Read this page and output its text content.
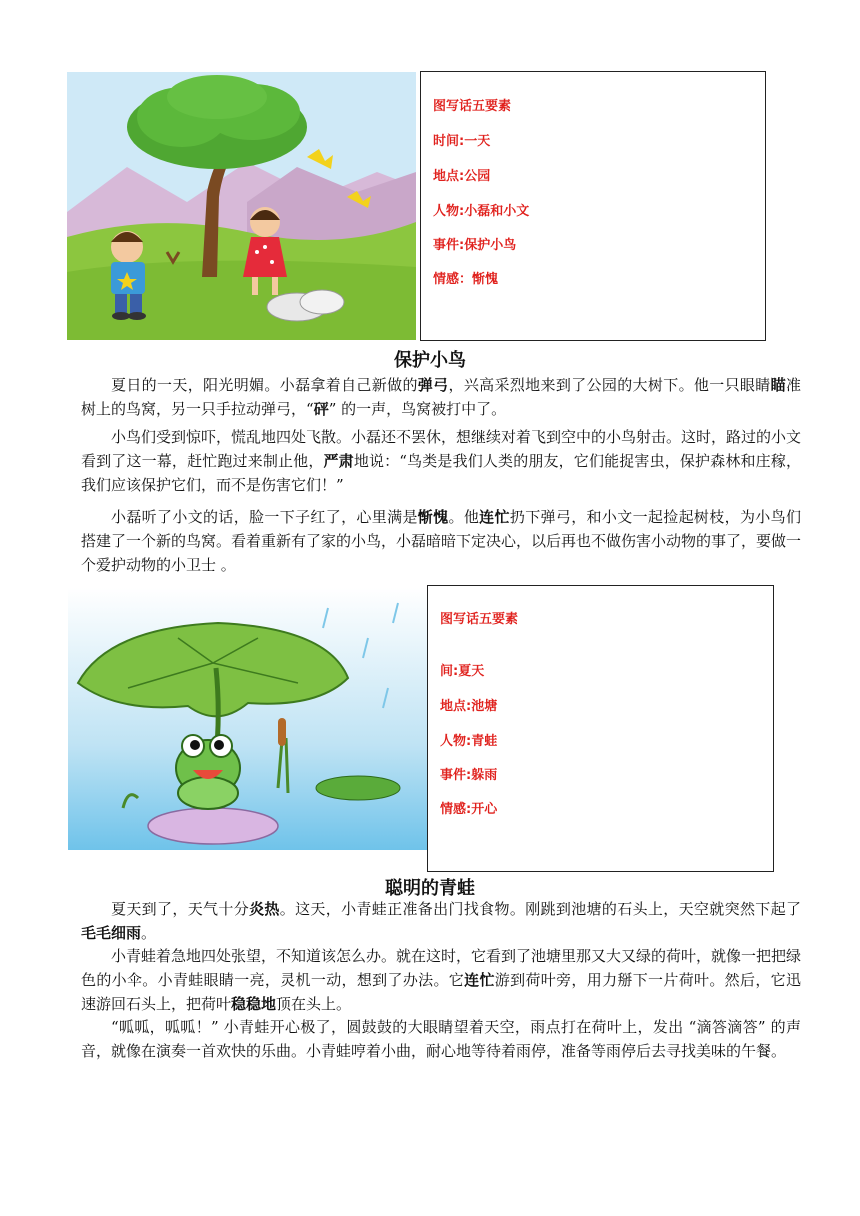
图写话五要素
时间:一天
地点:公园
人物:小磊和小文
事件:保护小鸟
情感：惭愧
保护小鸟

夏日的一天，阳光明媚。小磊拿着自己新做的弹弓，兴高采烈地来到了公园的大树下。他一只眼睛瞄准树上的鸟窝，另一只手拉动弹弓，“砰” 的一声，鸟窝被打中了。

小鸟们受到惊吓，慌乱地四处飞散。小磊还不罢休，想继续对着飞到空中的小鸟射击。这时，路过的小文看到了这一幕，赶忙跑过来制止他，严肃地说：“鸟类是我们人类的朋友，它们能捉害虫，保护森林和庄稼，我们应该保护它们，而不是伤害它们！”

小磊听了小文的话，脸一下子红了，心里满是惭愧。他连忙扔下弹弓，和小文一起捡起树枝，为小鸟们搭建了一个新的鸟窝。看着重新有了家的小鸟，小磊暗暗下定决心，以后再也不做伤害小动物的事了，要做一个爱护动物的小卫士 。

图写话五要素
间:夏天
地点:池塘
人物:青蛙
事件:躲雨
情感:开心
聪明的青蛙

夏天到了，天气十分炎热。这天，小青蛙正准备出门找食物。刚跳到池塘的石头上，天空就突然下起了毛毛细雨。

小青蛙着急地四处张望，不知道该怎么办。就在这时，它看到了池塘里那又大又绿的荷叶，就像一把把绿色的小伞。小青蛙眼睛一亮，灵机一动，想到了办法。它连忙游到荷叶旁，用力掰下一片荷叶。然后，它迅速游回石头上，把荷叶稳稳地顶在头上。

“呱呱，呱呱！” 小青蛙开心极了，圆鼓鼓的大眼睛望着天空，雨点打在荷叶上，发出 “滴答滴答” 的声音，就像在演奏一首欢快的乐曲。小青蛙哼着小曲，耐心地等待着雨停，准备等雨停后去寻找美味的午餐。
